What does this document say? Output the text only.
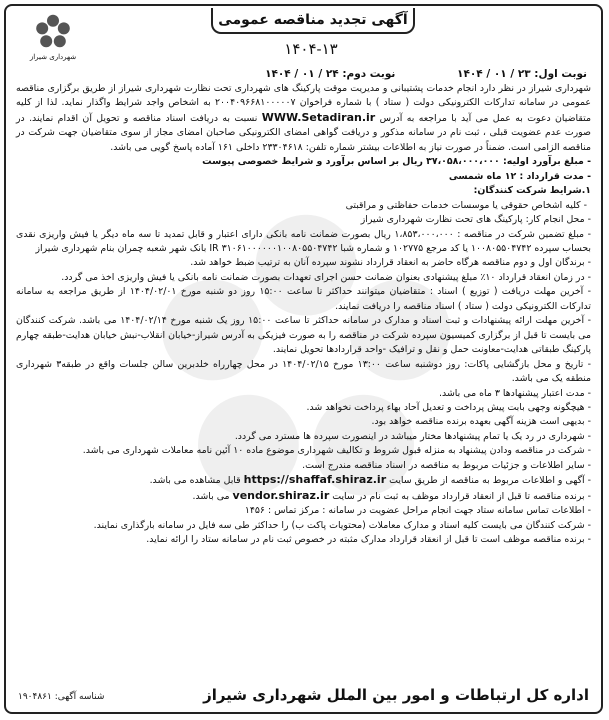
آگهی تجدید مناقصه عمومی
۱۴۰۴-۱۳
شهرداری شیراز
نوبت اول: ۲۳ / ۰۱ / ۱۴۰۴ نوبت دوم: ۲۴ / ۰۱ / ۱۴۰۴

شهرداری شیراز در نظر دارد انجام خدمات پشتیبانی و مدیریت موقت پارکینگ های شهرداری تحت نظارت شهرداری شیراز از طریق برگزاری مناقصه عمومی در سامانه تدارکات الکترونیکی دولت ( ستاد ) با شماره فراخوان ۲۰۰۴۰۹۶۶۸۱۰۰۰۰۰۷ به اشخاص واجد شرایط واگذار نماید. لذا از کلیه متقاضیان دعوت به عمل می آید با مراجعه به آدرس WWW.Setadiran.ir نسبت به دریافت اسناد مناقصه و تحویل آن اقدام نمایند. در صورت عدم عضویت قبلی ، ثبت نام در سامانه مذکور و دریافت گواهی امضای الکترونیکی صاحبان امضای مجاز از سوی متقاضیان جهت شرکت در مناقصه الزامی است. ضمناً در صورت نیاز به اطلاعات بیشتر شماره تلفن: ۲۳۳۰۴۶۱۸ داخلی ۱۶۱ آماده پاسخ گویی می باشد.

- مبلغ برآورد اولیه: ۳۷،۰۵۸،۰۰۰،۰۰۰ ریال بر اساس برآورد و شرایط خصوصی پیوست

- مدت قرارداد : ۱۲ ماه شمسی

۱.شرایط شرکت کنندگان:

- کلیه اشخاص حقوقی یا موسسات خدمات حفاظتی و مراقبتی

- محل انجام کار: پارکینگ های تحت نظارت شهرداری شیراز

- مبلغ تضمین شرکت در مناقصه : ۱،۸۵۳،۰۰۰،۰۰۰ ریال بصورت ضمانت نامه بانکی دارای اعتبار و قابل تمدید تا سه ماه دیگر یا فیش واریزی نقدی بحساب سپرده ۱۰۰۸۰۵۵۰۴۷۴۲ یا کد مرجع ۱۰۲۷۷۵ و شماره شبا IR ۳۱۰۶۱۰۰۰۰۰۰۱۰۰۸۰۵۵۰۴۷۴۲ بانک شهر شعبه چمران بنام شهرداری شیراز

- برندگان اول و دوم مناقصه هرگاه حاضر به انعقاد قرارداد نشوند سپرده آنان به ترتیب ضبط خواهد شد.

- در زمان انعقاد قرارداد ۱۰٪ مبلغ پیشنهادی بعنوان ضمانت حسن اجرای تعهدات بصورت ضمانت نامه بانکی یا فیش واریزی اخذ می گردد.

- آخرین مهلت دریافت ( توزیع ) اسناد : متقاضیان میتوانند حداکثر تا ساعت ۱۵:۰۰ روز دو شنبه مورخ ۱۴۰۴/۰۲/۰۱ از طریق مراجعه به سامانه تدارکات الکترونیکی دولت ( ستاد ) اسناد مناقصه را دریافت نمایند.

- آخرین مهلت ارائه پیشنهادات و ثبت اسناد و مدارک در سامانه حداکثر تا ساعت ۱۵:۰۰ روز یک شنبه مورخ ۱۴۰۴/۰۲/۱۴ می باشد. شرکت کنندگان می بایست تا قبل از برگزاری کمیسیون سپرده شرکت در مناقصه را به صورت فیزیکی به آدرس شیراز-خیابان انقلاب-نبش خیابان هدایت-طبقه چهارم پارکینگ طبقاتی هدایت-معاونت حمل و نقل و ترافیک -واحد قراردادها تحویل نمایند.

- تاریخ و محل بازگشایی پاکات: روز دوشنبه ساعت ۱۳:۰۰ مورخ ۱۴۰۴/۰۲/۱۵ در محل چهارراه خلدبرین سالن جلسات واقع در طبقه۳ شهرداری منطقه یک می باشد.

- مدت اعتبار پیشنهادها ۳ ماه می باشد.

- هیچگونه وجهی بابت پیش پرداخت و تعدیل آحاد بهاء پرداخت نخواهد شد.

- بدیهی است هزینه آگهی بعهده برنده مناقصه خواهد بود.

- شهرداری در رد یک یا تمام پیشنهادها مختار میباشد در اینصورت سپرده ها مسترد می گردد.

- شرکت در مناقصه ودادن پیشنهاد به منزله قبول شروط و تکالیف شهرداری موضوع ماده ۱۰ آئین نامه معاملات شهرداری می باشد.

- سایر اطلاعات و جزئیات مربوط به مناقصه در اسناد مناقصه مندرج است.

- آگهی و اطلاعات مربوط به مناقصه از طریق سایت https://shaffaf.shiraz.ir قابل مشاهده می باشد.

- برنده مناقصه تا قبل از انعقاد قرارداد موظف به ثبت نام در سایت vendor.shiraz.ir می باشد.

- اطلاعات تماس سامانه ستاد جهت انجام مراحل عضویت در سامانه : مرکز تماس : ۱۴۵۶

- شرکت کنندگان می بایست کلیه اسناد و مدارک معاملات (محتویات پاکت ب) را حداکثر طی سه فایل در سامانه بارگذاری نمایند.

- برنده مناقصه موظف است تا قبل از انعقاد قرارداد مدارک مثبته در خصوص ثبت نام در سامانه ستاد را ارائه نماید.

اداره کل ارتباطات و امور بین الملل شهرداری شیراز
شناسه آگهی: ۱۹۰۴۸۶۱
